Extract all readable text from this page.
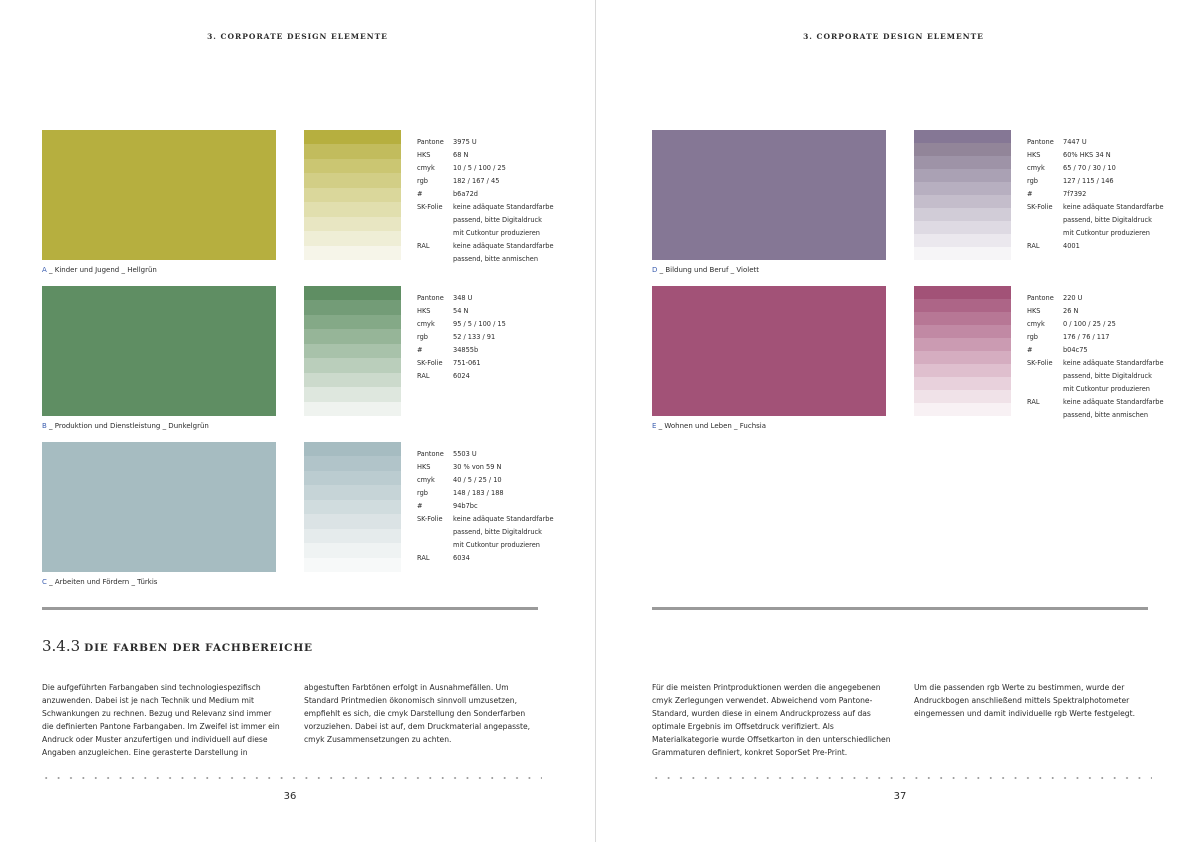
3. CORPORATE DESIGN ELEMENTE
A _ Kinder und Jugend _ Hellgrün
Pantone	3975 U
HKS	68 N
cmyk	10 / 5 / 100 / 25
rgb	182 / 167 / 45
#	b6a72d
SK-Folie	keine adäquate Standardfarbe
passend, bitte Digitaldruck
mit Cutkontur produzieren
RAL	keine adäquate Standardfarbe
passend, bitte anmischen
B _ Produktion und Dienstleistung _ Dunkelgrün
Pantone	348 U
HKS	54 N
cmyk	95 / 5 / 100 / 15
rgb	52 / 133 / 91
#	34855b
SK-Folie	751-061
RAL	6024
C _ Arbeiten und Fördern _ Türkis
Pantone	5503 U
HKS	30 % von 59 N
cmyk	40 / 5 / 25 / 10
rgb	148 / 183 / 188
#	94b7bc
SK-Folie	keine adäquate Standardfarbe
passend, bitte Digitaldruck
mit Cutkontur produzieren
RAL	6034
3.4.3 DIE FARBEN DER FACHBEREICHE
Die aufgeführten Farbangaben sind technologiespezifisch anzuwenden. Dabei ist je nach Technik und Medium mit Schwankungen zu rechnen. Bezug und Relevanz sind immer die definierten Pantone Farbangaben. Im Zweifel ist immer ein Andruck oder Muster anzufertigen und individuell auf diese Angaben anzugleichen. Eine gerasterte Darstellung in
abgestuften Farbtönen erfolgt in Ausnahmefällen. Um Standard Printmedien ökonomisch sinnvoll umzusetzen, empfiehlt es sich, die cmyk Darstellung den Sonderfarben vorzuziehen. Dabei ist auf, dem Druckmaterial angepasste, cmyk Zusammensetzungen zu achten.
36
3. CORPORATE DESIGN ELEMENTE
D _ Bildung und Beruf _ Violett
Pantone	7447 U
HKS	60% HKS 34 N
cmyk	65 / 70 / 30 / 10
rgb	127 / 115 / 146
#	7f7392
SK-Folie	keine adäquate Standardfarbe
passend, bitte Digitaldruck
mit Cutkontur produzieren
RAL	4001
E _ Wohnen und Leben _ Fuchsia
Pantone	220 U
HKS	26 N
cmyk	0 / 100 / 25 / 25
rgb	176 / 76 / 117
#	b04c75
SK-Folie	keine adäquate Standardfarbe
passend, bitte Digitaldruck
mit Cutkontur produzieren
RAL	keine adäquate Standardfarbe
passend, bitte anmischen
Für die meisten Printproduktionen werden die angegebenen cmyk Zerlegungen verwendet. Abweichend vom Pantone-Standard, wurden diese in einem Andruckprozess auf das optimale Ergebnis im Offsetdruck verifiziert. Als Materialkategorie wurde Offsetkarton in den unterschiedlichen Grammaturen definiert, konkret SoporSet Pre-Print.
Um die passenden rgb Werte zu bestimmen, wurde der Andruckbogen anschließend mittels Spektralphotometer eingemessen und damit individuelle rgb Werte festgelegt.
37
